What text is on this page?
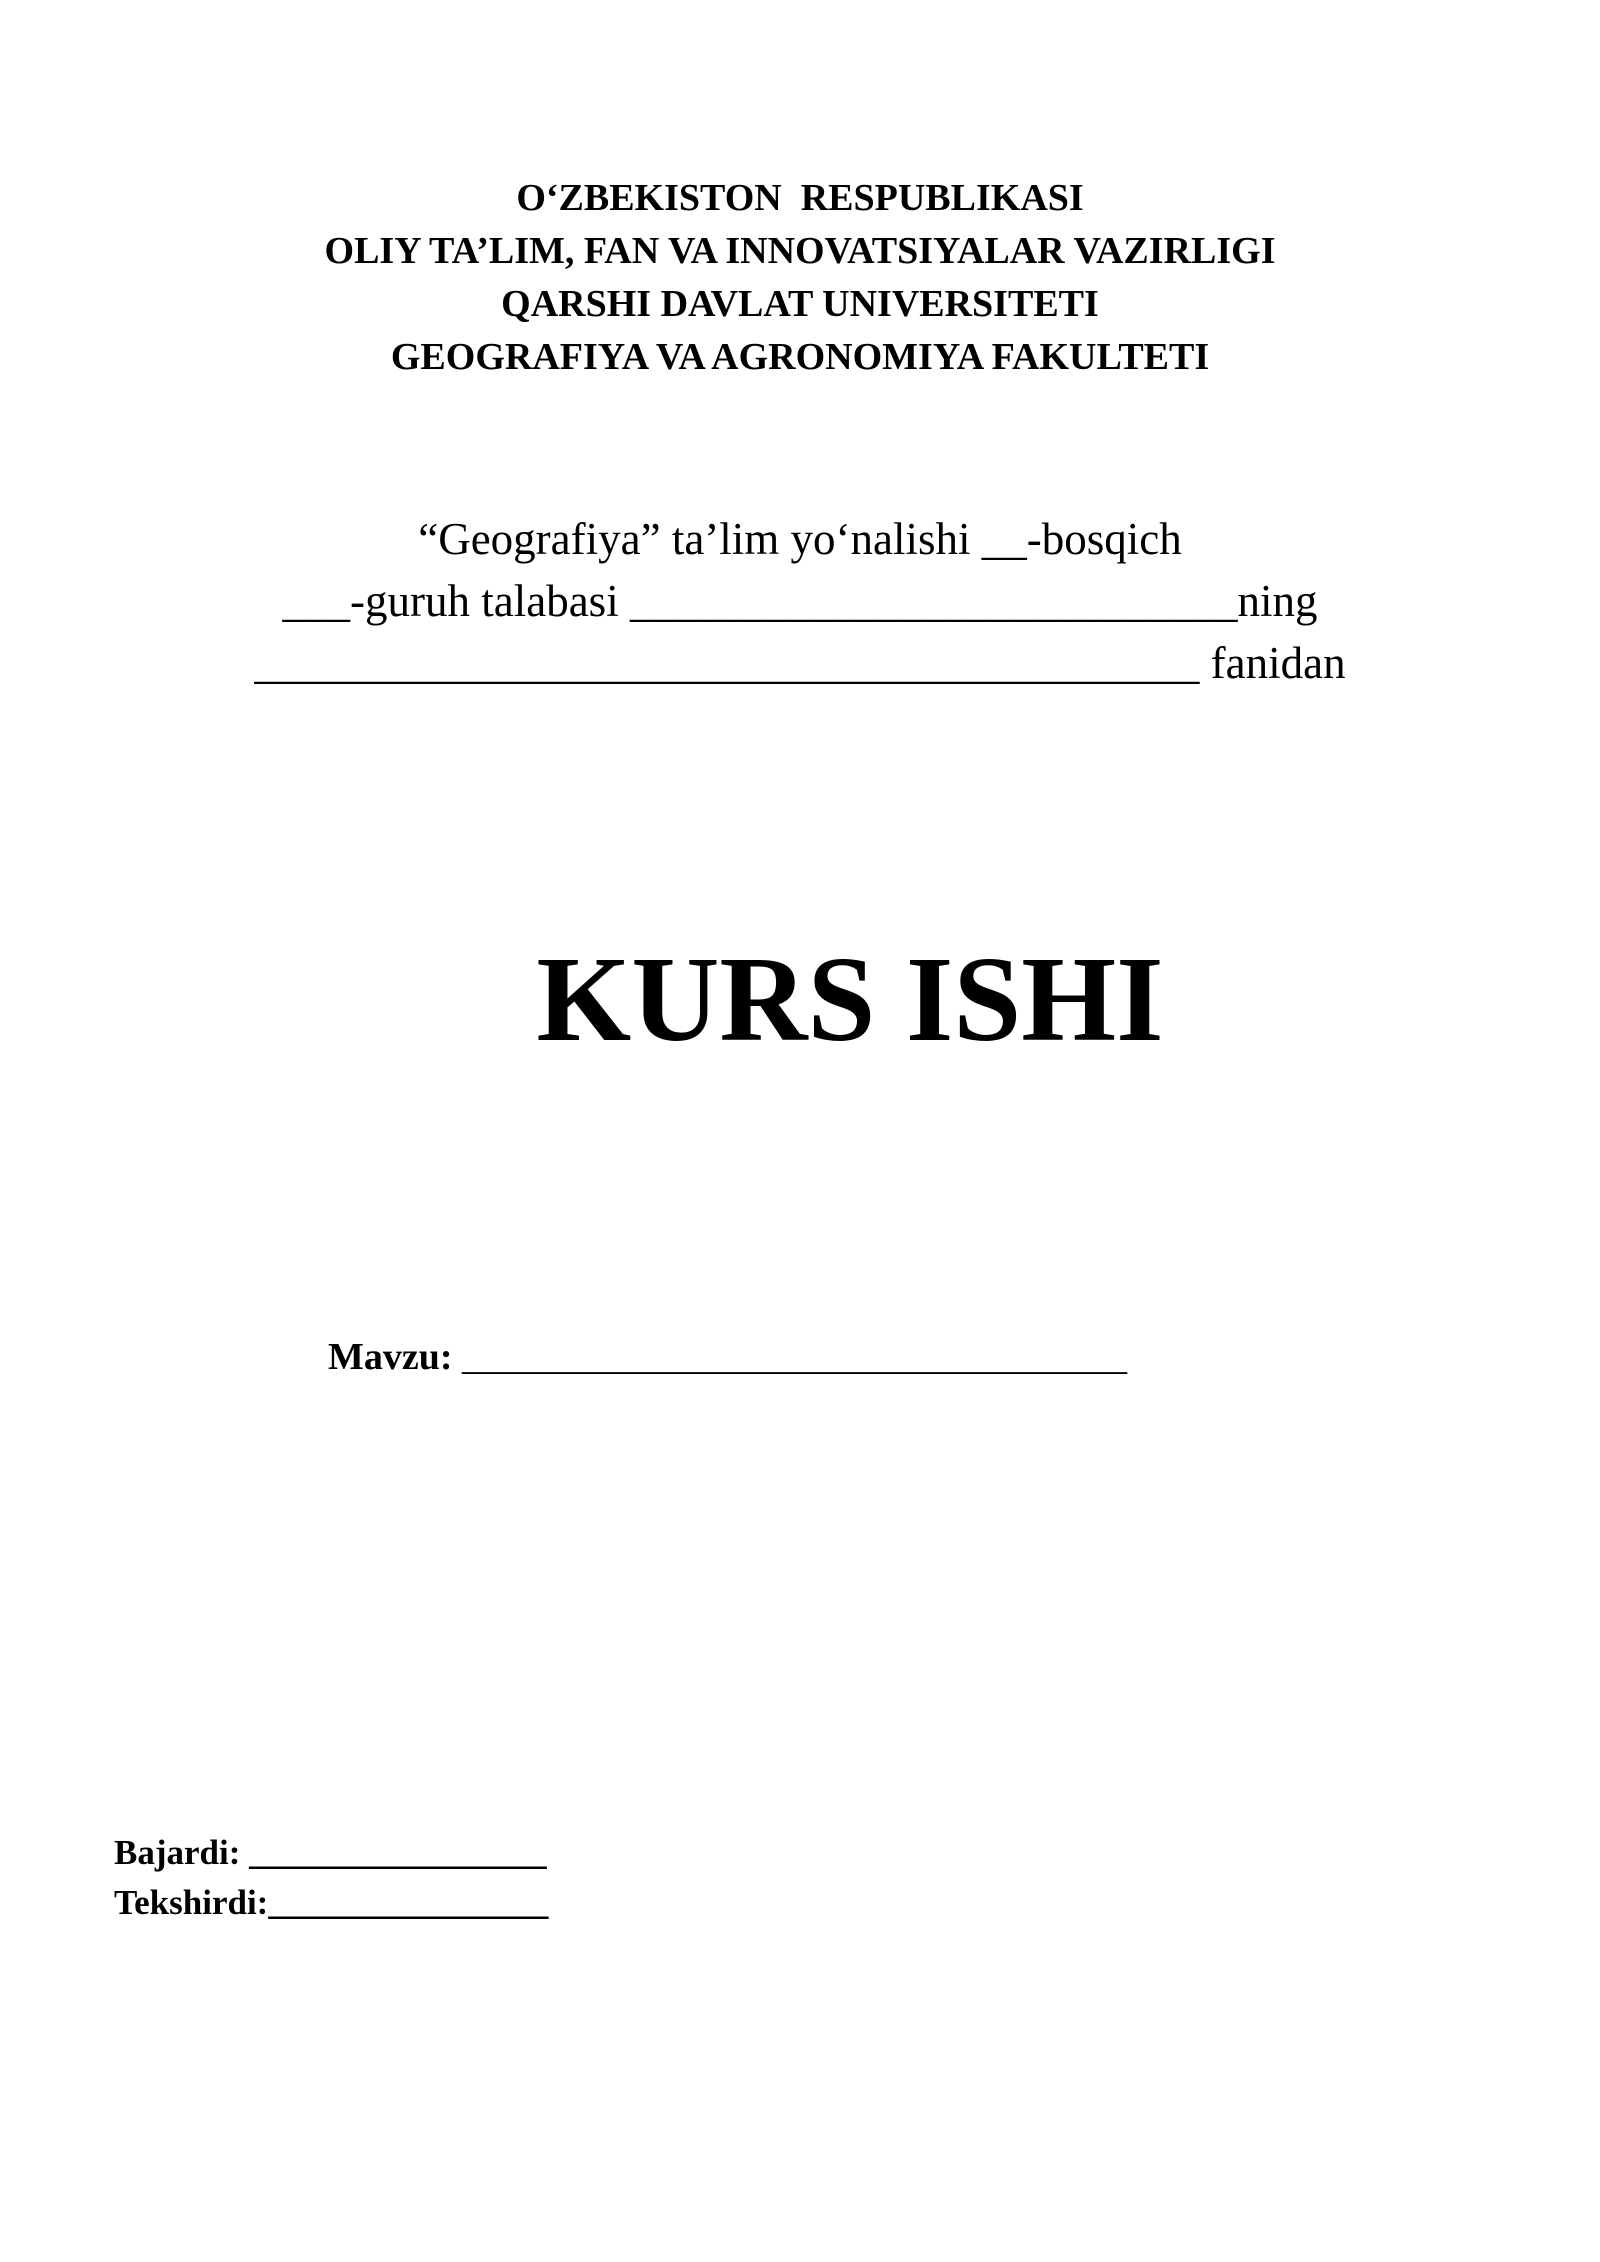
O‘ZBEKISTON  RESPUBLIKASI
OLIY TA’LIM, FAN VA INNOVATSIYALAR VAZIRLIGI
QARSHI DAVLAT UNIVERSITETI
GEOGRAFIYA VA AGRONOMIYA FAKULTETI
“Geografiya” ta’lim yo‘nalishi __-bosqich
___-guruh talabasi ___________________________ning
__________________________________________ fanidan
KURS ISHI
Mavzu: ___________________________________
Bajardi: _________________
Tekshirdi:________________
